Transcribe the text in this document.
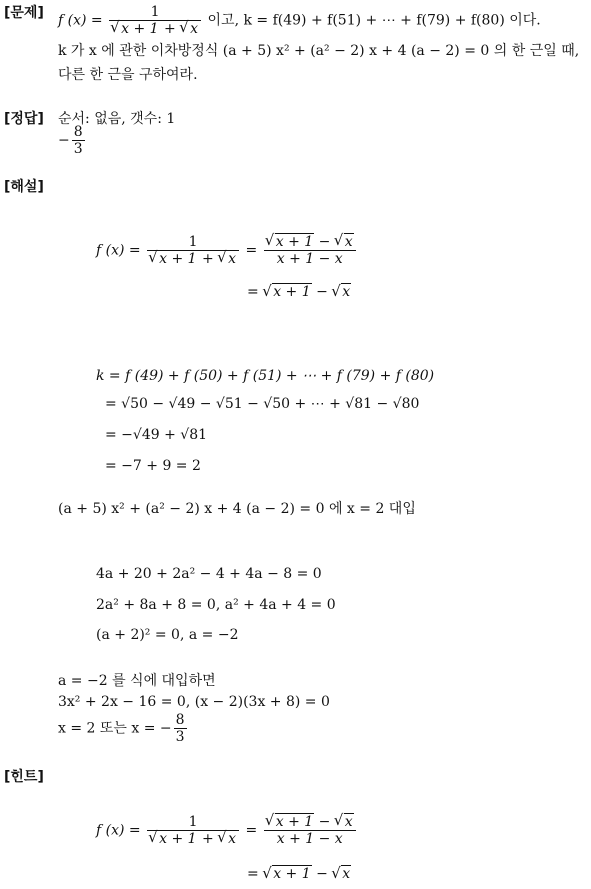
[문제] f (x) = 1
√ x + 1 + √ x 이고, k = f(49) + f(51) + ⋯ + f(79) + f(80) 이다.
k 가 x 에 관한 이차방정식 (a + 5) x² + (a² − 2) x + 4 (a − 2) = 0 의 한 근일 때,
다른 한 근을 구하여라.
[정답] 순서: 없음, 갯수: 1
− $\frac{8}{3}$
[해설]
f (x) = 1
√ x + 1 + √ x = √ $\frac{x + 1 - √ x}{x + 1 - x}$
= √ x + 1 − √ x
k = f (49) + f (50) + f (51) + ⋯ + f (79) + f (80)
= √50 − √49 − √51 − √50 + ⋯ + √81 − √80
= −√49 + √81
= −7 + 9 = 2
(a + 5) x² + (a² − 2) x + 4 (a − 2) = 0 에 x = 2 대입
4a + 20 + 2a² − 4 + 4a − 8 = 0
2a² + 8a + 8 = 0, a² + 4a + 4 = 0
(a + 2)² = 0, a = −2
a = −2 를 식에 대입하면
3x² + 2x − 16 = 0, (x − 2)(3x + 8) = 0
x = 2 또는 x = − $\frac{8}{3}$
[힌트]
f (x) = 1
√ x + 1 + √ x = √ $\frac{x + 1 - √ x}{x + 1 - x}$
= √ x + 1 − √ x
